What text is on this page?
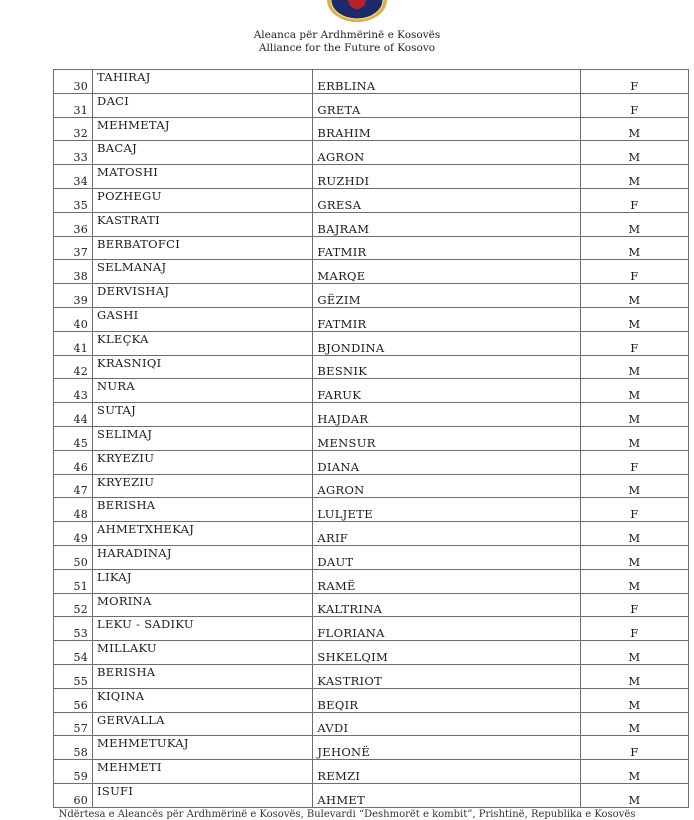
Aleanca për Ardhmërinë e Kosovës
Alliance for the Future of Kosovo
30	TAHIRAJ	ERBLINA	F
31	DACI	GRETA	F
32	MEHMETAJ	BRAHIM	M
33	BACAJ	AGRON	M
34	MATOSHI	RUZHDI	M
35	POZHEGU	GRESA	F
36	KASTRATI	BAJRAM	M
37	BERBATOFCI	FATMIR	M
38	SELMANAJ	MARQE	F
39	DERVISHAJ	GËZIM	M
40	GASHI	FATMIR	M
41	KLEÇKA	BJONDINA	F
42	KRASNIQI	BESNIK	M
43	NURA	FARUK	M
44	SUTAJ	HAJDAR	M
45	SELIMAJ	MENSUR	M
46	KRYEZIU	DIANA	F
47	KRYEZIU	AGRON	M
48	BERISHA	LULJETE	F
49	AHMETXHEKAJ	ARIF	M
50	HARADINAJ	DAUT	M
51	LIKAJ	RAMË	M
52	MORINA	KALTRINA	F
53	LEKU - SADIKU	FLORIANA	F
54	MILLAKU	SHKELQIM	M
55	BERISHA	KASTRIOT	M
56	KIQINA	BEQIR	M
57	GERVALLA	AVDI	M
58	MEHMETUKAJ	JEHONË	F
59	MEHMETI	REMZI	M
60	ISUFI	AHMET	M
Ndërtesa e Aleancës për Ardhmërinë e Kosovës, Bulevardi “Deshmorët e kombit”, Prishtinë, Republika e Kosovës
